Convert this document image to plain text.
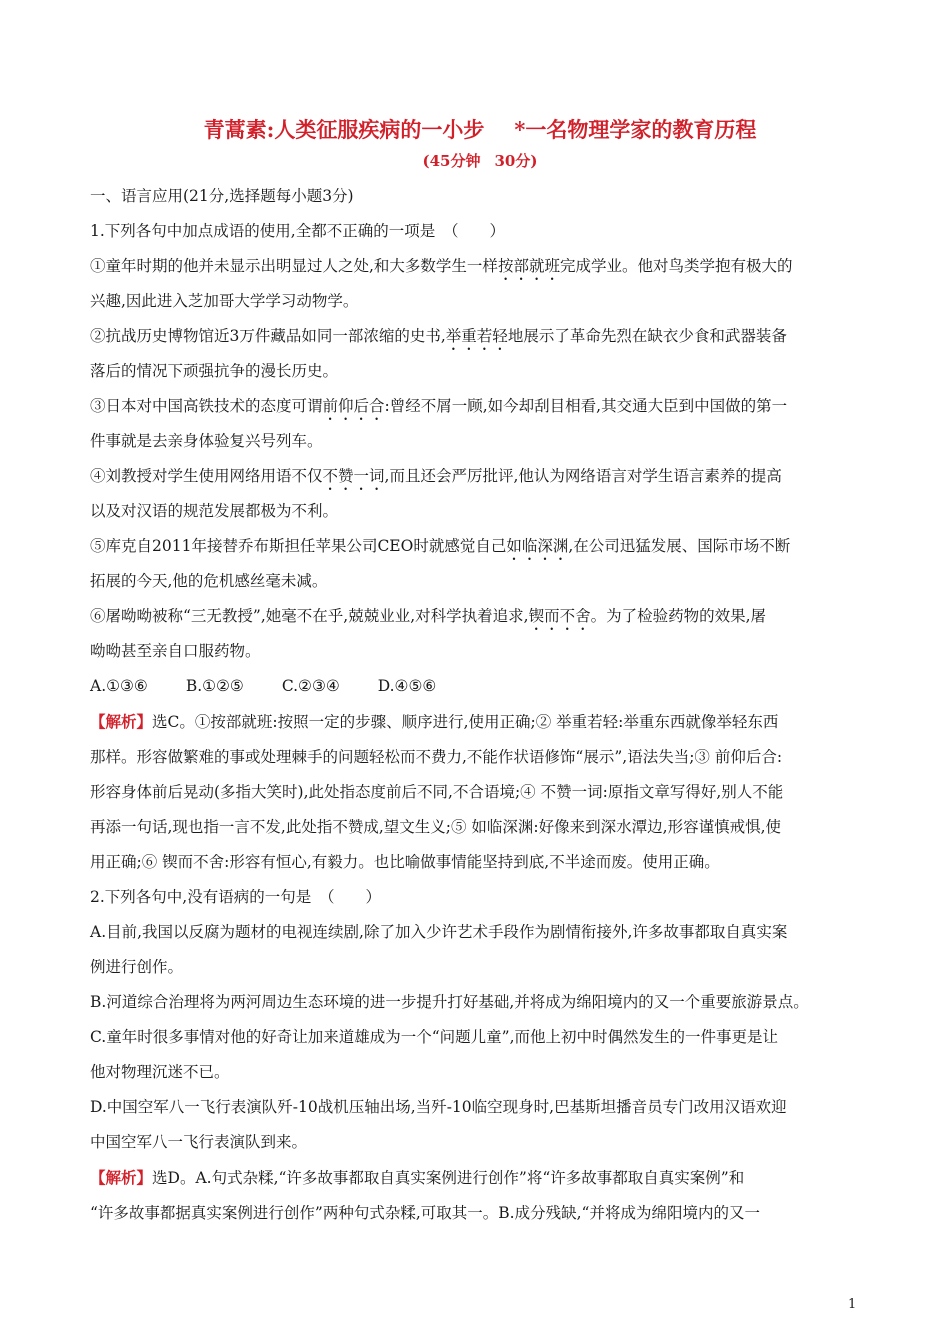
青蒿素:人类征服疾病的一小步 *一名物理学家的教育历程
(45分钟 30分)

一、语言应用(21分,选择题每小题3分)

1.下列各句中加点成语的使用,全都不正确的一项是　（　　）

①童年时期的他并未显示出明显过人之处,和大多数学生一样按部就班完成学业。他对鸟类学抱有极大的

兴趣,因此进入芝加哥大学学习动物学。

②抗战历史博物馆近3万件藏品如同一部浓缩的史书,举重若轻地展示了革命先烈在缺衣少食和武器装备

落后的情况下顽强抗争的漫长历史。

③日本对中国高铁技术的态度可谓前仰后合:曾经不屑一顾,如今却刮目相看,其交通大臣到中国做的第一

件事就是去亲身体验复兴号列车。

④刘教授对学生使用网络用语不仅不赞一词,而且还会严厉批评,他认为网络语言对学生语言素养的提高

以及对汉语的规范发展都极为不利。

⑤库克自2011年接替乔布斯担任苹果公司CEO时就感觉自己如临深渊,在公司迅猛发展、国际市场不断

拓展的今天,他的危机感丝毫未减。

⑥屠呦呦被称“三无教授”,她毫不在乎,兢兢业业,对科学执着追求,锲而不舍。为了检验药物的效果,屠

呦呦甚至亲自口服药物。

A.①③⑥ B.①②⑤ C.②③④ D.④⑤⑥

【解析】选C。①按部就班:按照一定的步骤、顺序进行,使用正确;② 举重若轻:举重东西就像举轻东西

那样。形容做繁难的事或处理棘手的问题轻松而不费力,不能作状语修饰“展示”,语法失当;③ 前仰后合:

形容身体前后晃动(多指大笑时),此处指态度前后不同,不合语境;④ 不赞一词:原指文章写得好,别人不能

再添一句话,现也指一言不发,此处指不赞成,望文生义;⑤ 如临深渊:好像来到深水潭边,形容谨慎戒惧,使

用正确;⑥ 锲而不舍:形容有恒心,有毅力。也比喻做事情能坚持到底,不半途而废。使用正确。

2.下列各句中,没有语病的一句是　（　　）

A.目前,我国以反腐为题材的电视连续剧,除了加入少许艺术手段作为剧情衔接外,许多故事都取自真实案

例进行创作。

B.河道综合治理将为两河周边生态环境的进一步提升打好基础,并将成为绵阳境内的又一个重要旅游景点。

C.童年时很多事情对他的好奇让加来道雄成为一个“问题儿童”,而他上初中时偶然发生的一件事更是让

他对物理沉迷不已。

D.中国空军八一飞行表演队歼-10战机压轴出场,当歼-10临空现身时,巴基斯坦播音员专门改用汉语欢迎

中国空军八一飞行表演队到来。

【解析】选D。A.句式杂糅,“许多故事都取自真实案例进行创作”将“许多故事都取自真实案例”和

“许多故事都据真实案例进行创作”两种句式杂糅,可取其一。B.成分残缺,“并将成为绵阳境内的又一

1
